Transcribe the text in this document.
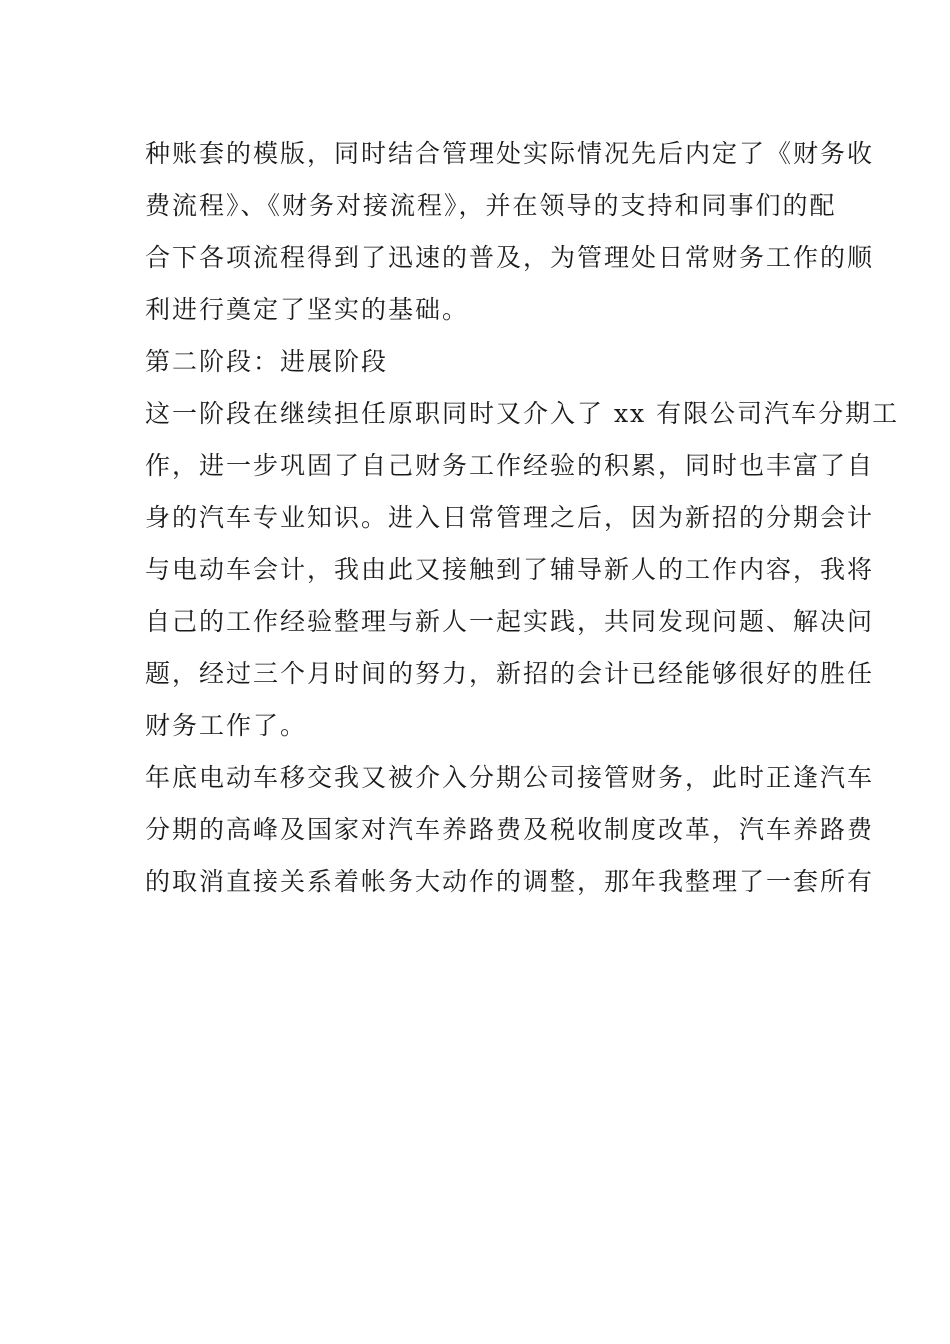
种账套的模版，同时结合管理处实际情况先后内定了《财务收

费流程》、《财务对接流程》，并在领导的支持和同事们的配

合下各项流程得到了迅速的普及，为管理处日常财务工作的顺

利进行奠定了坚实的基础。

第二阶段：进展阶段

这一阶段在继续担任原职同时又介入了 xx 有限公司汽车分期工

作，进一步巩固了自己财务工作经验的积累，同时也丰富了自

身的汽车专业知识。进入日常管理之后，因为新招的分期会计

与电动车会计，我由此又接触到了辅导新人的工作内容，我将

自己的工作经验整理与新人一起实践，共同发现问题、解决问

题，经过三个月时间的努力，新招的会计已经能够很好的胜任

财务工作了。

年底电动车移交我又被介入分期公司接管财务，此时正逢汽车

分期的高峰及国家对汽车养路费及税收制度改革，汽车养路费

的取消直接关系着帐务大动作的调整，那年我整理了一套所有
